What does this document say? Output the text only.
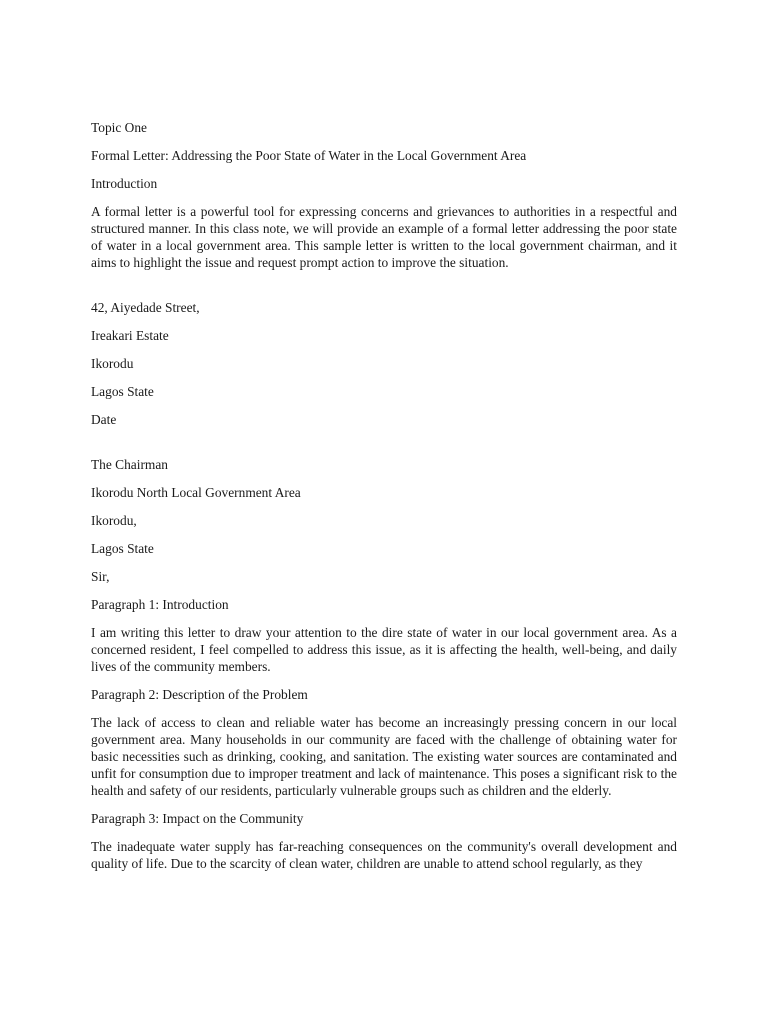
Topic One

Formal Letter: Addressing the Poor State of Water in the Local Government Area

Introduction

A formal letter is a powerful tool for expressing concerns and grievances to authorities in a respectful and structured manner. In this class note, we will provide an example of a formal letter addressing the poor state of water in a local government area. This sample letter is written to the local government chairman, and it aims to highlight the issue and request prompt action to improve the situation.

42, Aiyedade Street,

Ireakari Estate

Ikorodu

Lagos State

Date

The Chairman

Ikorodu North Local Government Area

Ikorodu,

Lagos State

Sir,

Paragraph 1: Introduction

I am writing this letter to draw your attention to the dire state of water in our local government area. As a concerned resident, I feel compelled to address this issue, as it is affecting the health, well-being, and daily lives of the community members.

Paragraph 2: Description of the Problem

The lack of access to clean and reliable water has become an increasingly pressing concern in our local government area. Many households in our community are faced with the challenge of obtaining water for basic necessities such as drinking, cooking, and sanitation. The existing water sources are contaminated and unfit for consumption due to improper treatment and lack of maintenance. This poses a significant risk to the health and safety of our residents, particularly vulnerable groups such as children and the elderly.

Paragraph 3: Impact on the Community

The inadequate water supply has far-reaching consequences on the community's overall development and quality of life. Due to the scarcity of clean water, children are unable to attend school regularly, as they
